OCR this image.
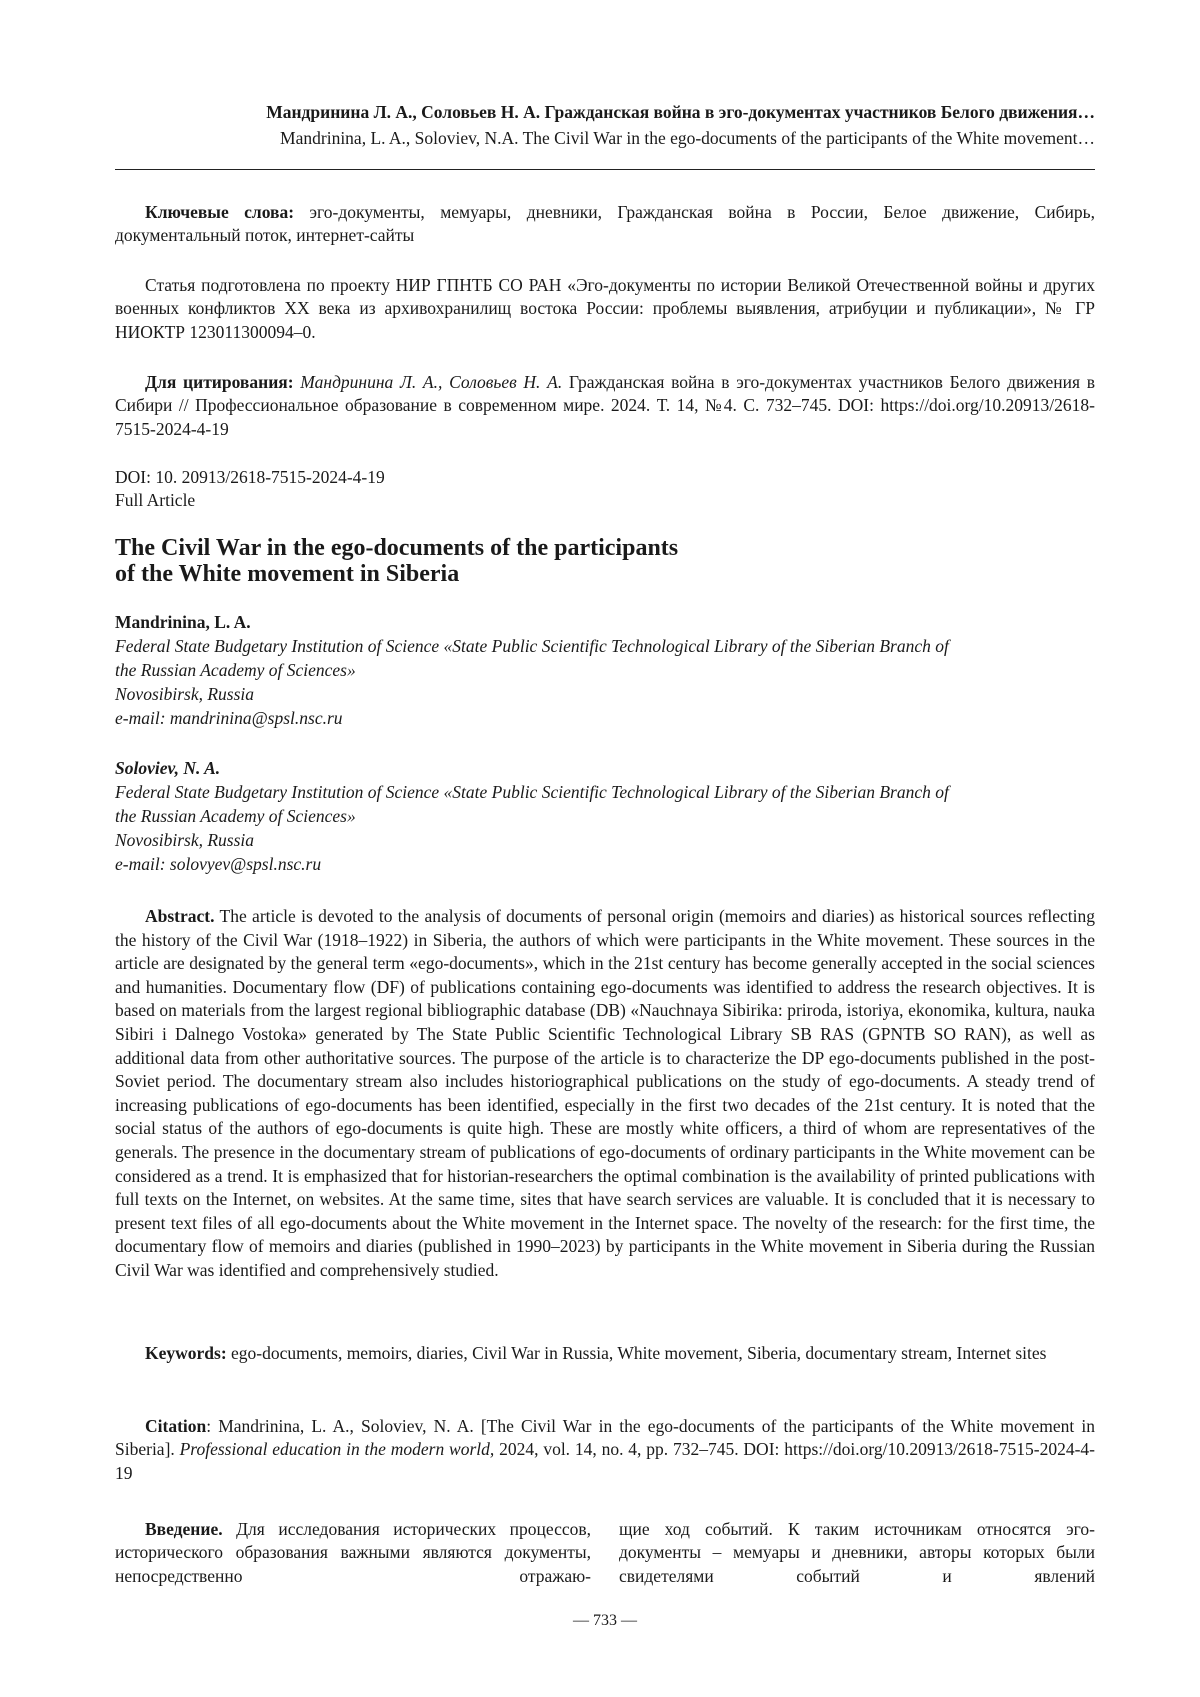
Мандринина Л. А., Соловьев Н. А. Гражданская война в эго-документах участников Белого движения…
Mandrinina, L. A., Soloviev, N.A. The Civil War in the ego-documents of the participants of the White movement…
Ключевые слова: эго-документы, мемуары, дневники, Гражданская война в России, Белое движение, Сибирь, документальный поток, интернет-сайты
Статья подготовлена по проекту НИР ГПНТБ СО РАН «Эго-документы по истории Великой Отечественной войны и других военных конфликтов XX века из архивохранилищ востока России: проблемы выявления, атрибуции и публикации», № ГР НИОКТР 123011300094–0.
Для цитирования: Мандринина Л. А., Соловьев Н. А. Гражданская война в эго-документах участников Белого движения в Сибири // Профессиональное образование в современном мире. 2024. Т. 14, №4. С. 732–745. DOI: https://doi.org/10.20913/2618-7515-2024-4-19
DOI: 10. 20913/2618-7515-2024-4-19
Full Article
The Civil War in the ego-documents of the participants
of the White movement in Siberia
Mandrinina, L. A.
Federal State Budgetary Institution of Science «State Public Scientific Technological Library of the Siberian Branch of
the Russian Academy of Sciences»
Novosibirsk, Russia
e-mail: mandrinina@spsl.nsc.ru
Soloviev, N. A.
Federal State Budgetary Institution of Science «State Public Scientific Technological Library of the Siberian Branch of
the Russian Academy of Sciences»
Novosibirsk, Russia
e-mail: solovyev@spsl.nsc.ru
Abstract. The article is devoted to the analysis of documents of personal origin (memoirs and diaries) as historical sources reflecting the history of the Civil War (1918–1922) in Siberia, the authors of which were participants in the White movement. These sources in the article are designated by the general term «ego-documents», which in the 21st century has become generally accepted in the social sciences and humanities. Documentary flow (DF) of publications containing ego-documents was identified to address the research objectives. It is based on materials from the largest regional bibliographic database (DB) «Nauchnaya Sibirika: priroda, istoriya, ekonomika, kultura, nauka Sibiri i Dalnego Vostoka» generated by The State Public Scientific Technological Library SB RAS (GPNTB SO RAN), as well as additional data from other authoritative sources. The purpose of the article is to characterize the DP ego-documents published in the post-Soviet period. The documentary stream also includes historiographical publications on the study of ego-documents. A steady trend of increasing publications of ego-documents has been identified, especially in the first two decades of the 21st century. It is noted that the social status of the authors of ego-documents is quite high. These are mostly white officers, a third of whom are representatives of the generals. The presence in the documentary stream of publications of ego-documents of ordinary participants in the White movement can be considered as a trend. It is emphasized that for historian-researchers the optimal combination is the availability of printed publications with full texts on the Internet, on websites. At the same time, sites that have search services are valuable. It is concluded that it is necessary to present text files of all ego-documents about the White movement in the Internet space. The novelty of the research: for the first time, the documentary flow of memoirs and diaries (published in 1990–2023) by participants in the White movement in Siberia during the Russian Civil War was identified and comprehensively studied.
Keywords: ego-documents, memoirs, diaries, Civil War in Russia, White movement, Siberia, documentary stream, Internet sites
Citation: Mandrinina, L. A., Soloviev, N. A. [The Civil War in the ego-documents of the participants of the White movement in Siberia]. Professional education in the modern world, 2024, vol. 14, no. 4, pp. 732–745. DOI: https://doi.org/10.20913/2618-7515-2024-4-19
Введение. Для исследования исторических процессов, исторического образования важными являются документы, непосредственно отражаю-
щие ход событий. К таким источникам относятся эго-документы – мемуары и дневники, авторы которых были свидетелями событий и явлений
— 733 —
